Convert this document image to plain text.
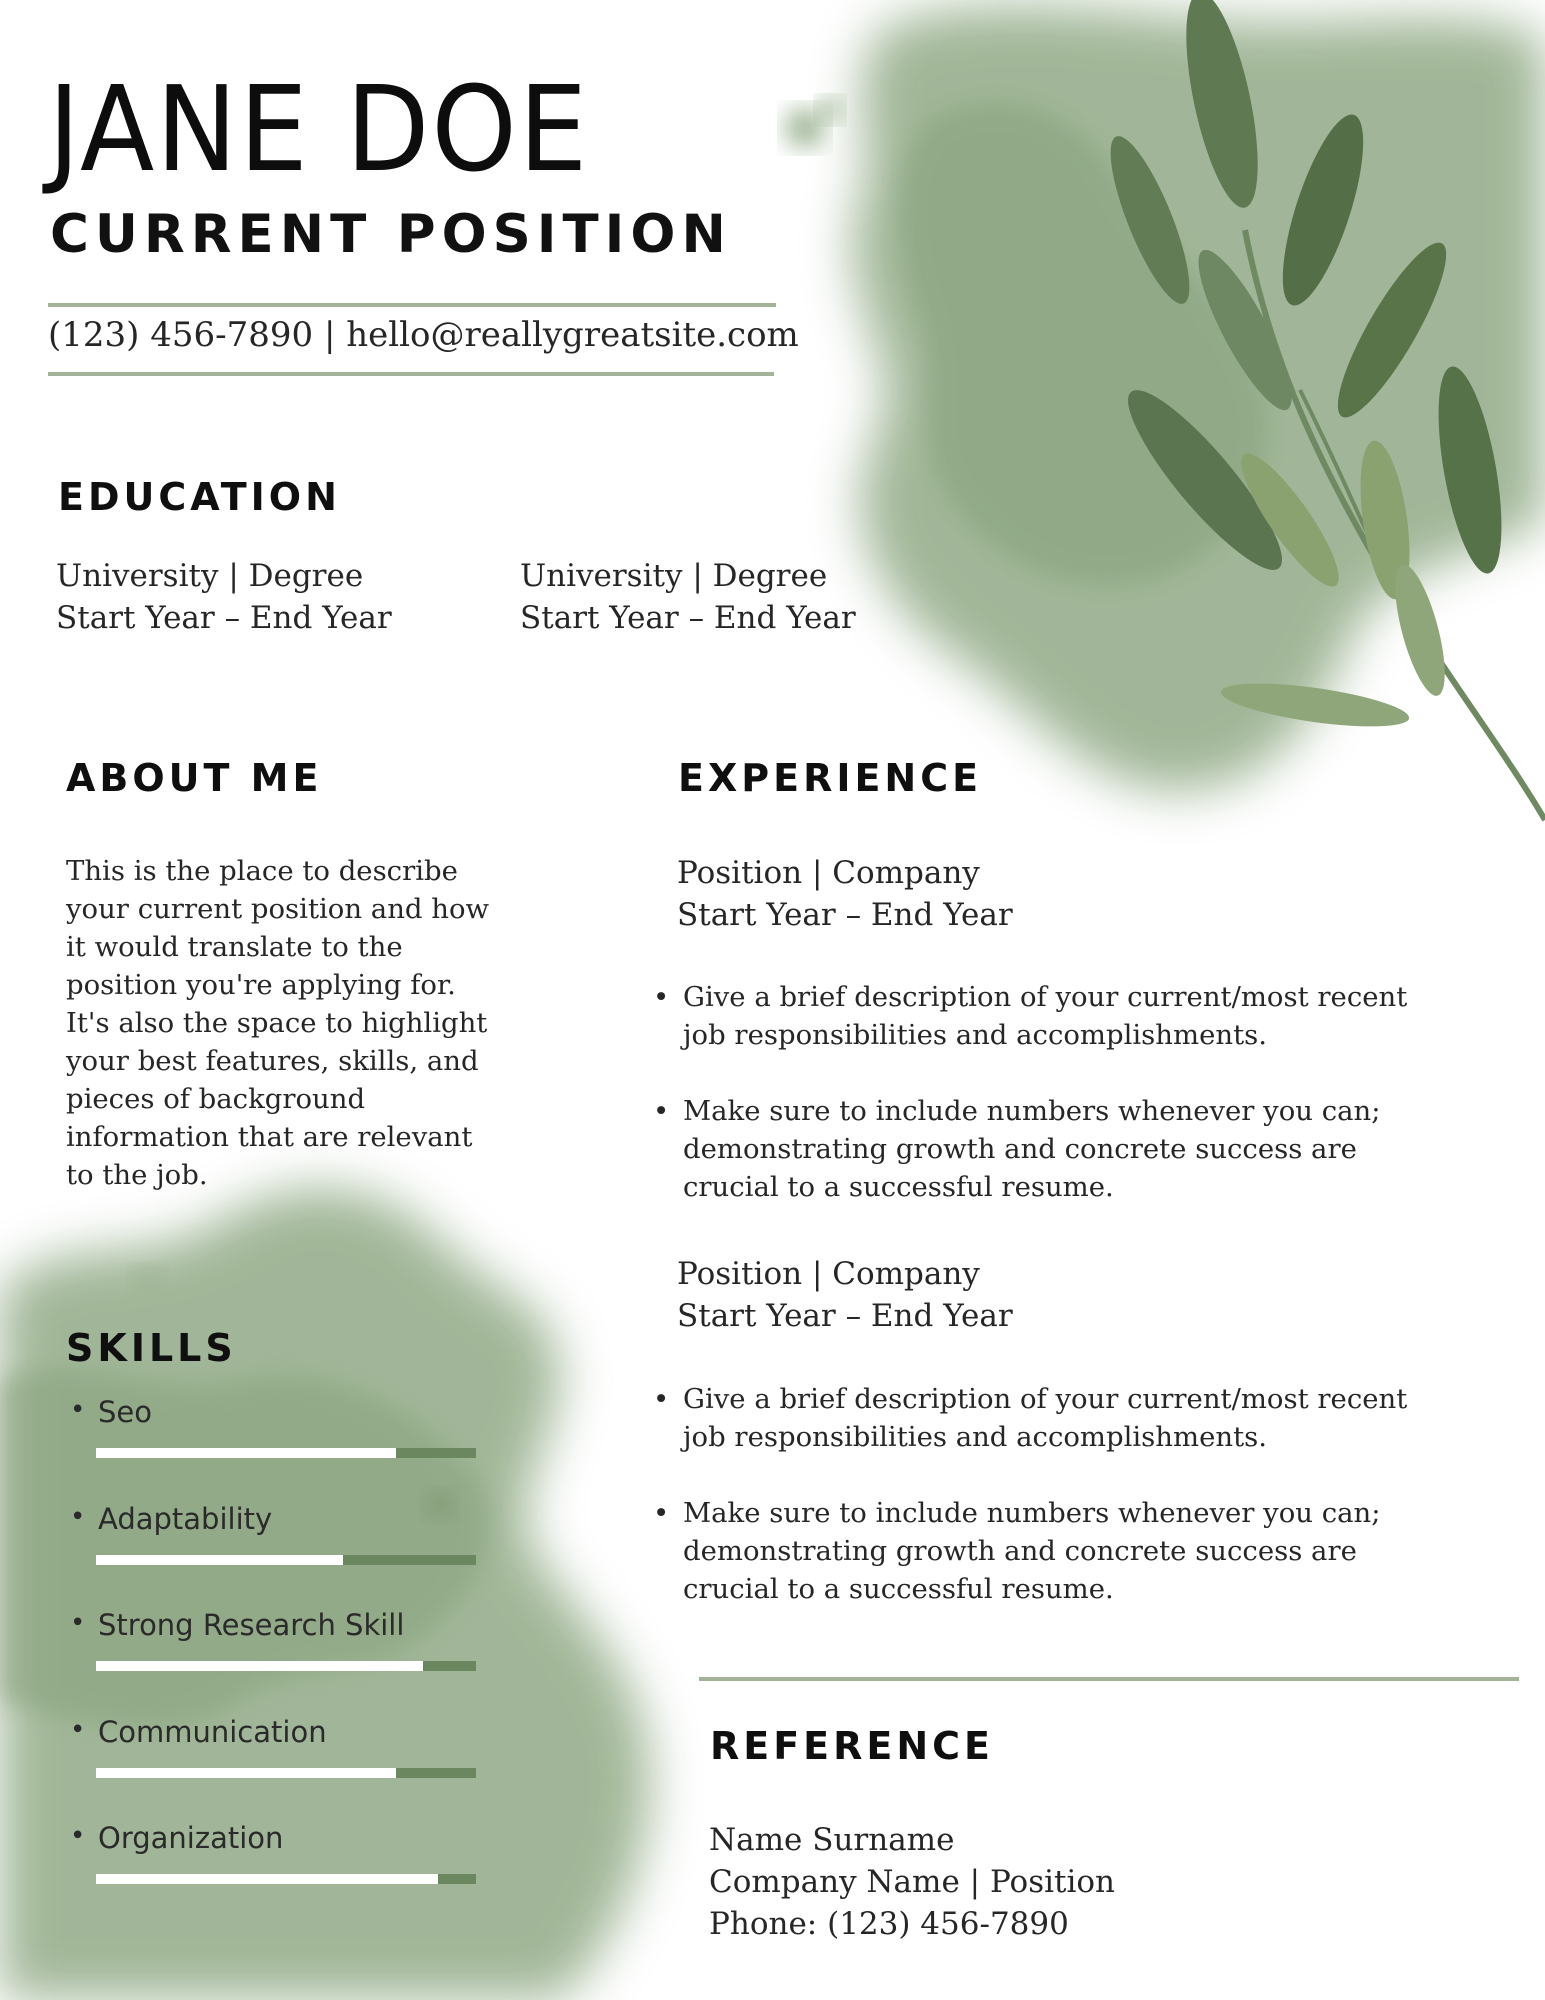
JANE DOE
CURRENT POSITION
(123) 456-7890 | hello@reallygreatsite.com
EDUCATION
University | Degree
Start Year – End Year
University | Degree
Start Year – End Year
ABOUT ME
This is the place to describe your current position and how it would translate to the position you're applying for. It's also the space to highlight your best features, skills, and pieces of background information that are relevant to the job.
EXPERIENCE
Position | Company
Start Year – End Year
• Give a brief description of your current/most recent job responsibilities and accomplishments.
• Make sure to include numbers whenever you can; demonstrating growth and concrete success are crucial to a successful resume.
Position | Company
Start Year – End Year
• Give a brief description of your current/most recent job responsibilities and accomplishments.
• Make sure to include numbers whenever you can; demonstrating growth and concrete success are crucial to a successful resume.
SKILLS
• Seo
• Adaptability
• Strong Research Skill
• Communication
• Organization
REFERENCE
Name Surname
Company Name | Position
Phone: (123) 456-7890
